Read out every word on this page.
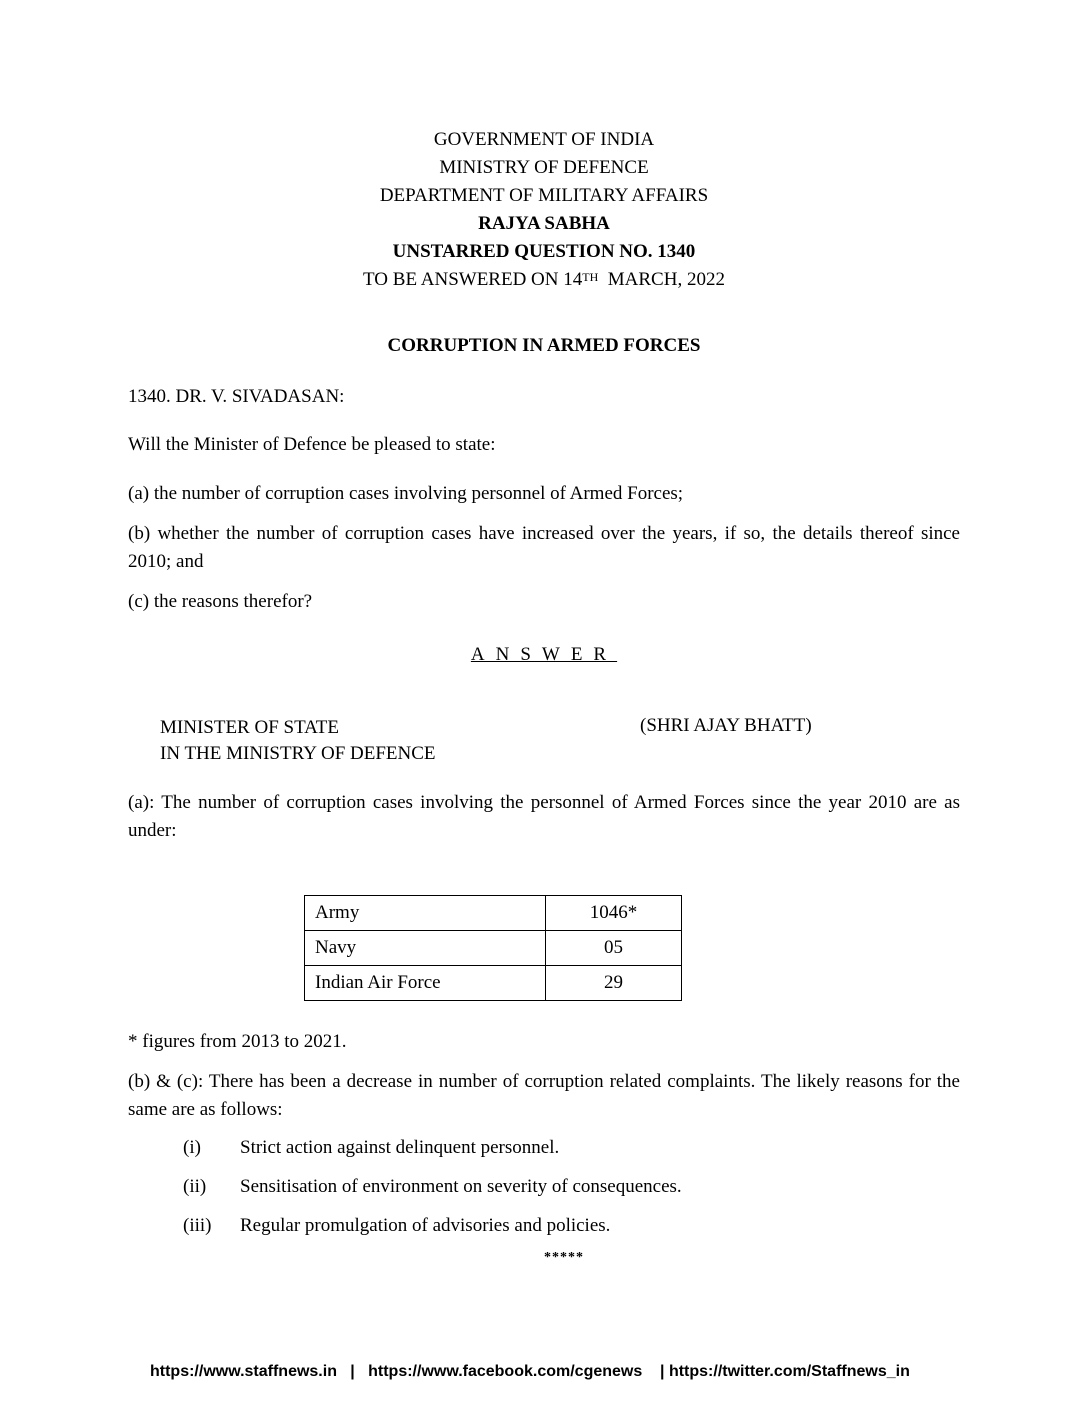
GOVERNMENT OF INDIA
MINISTRY OF DEFENCE
DEPARTMENT OF MILITARY AFFAIRS
RAJYA SABHA
UNSTARRED QUESTION NO. 1340
TO BE ANSWERED ON 14TH MARCH, 2022
CORRUPTION IN ARMED FORCES
1340. DR. V. SIVADASAN:
Will the Minister of Defence be pleased to state:
(a) the number of corruption cases involving personnel of Armed Forces;
(b) whether the number of corruption cases have increased over the years, if so, the details thereof since 2010; and
(c) the reasons therefor?
ANSWER
MINISTER OF STATE
IN THE MINISTRY OF DEFENCE
(SHRI AJAY BHATT)
(a): The number of corruption cases involving the personnel of Armed Forces since the year 2010 are as under:
Army	1046*
Navy	05
Indian Air Force	29
* figures from 2013 to 2021.
(b) & (c): There has been a decrease in number of corruption related complaints. The likely reasons for the same are as follows:
(i) Strict action against delinquent personnel.
(ii) Sensitisation of environment on severity of consequences.
(iii) Regular promulgation of advisories and policies.
*****
https://www.staffnews.in   |   https://www.facebook.com/cgenews    | https://twitter.com/Staffnews_in
